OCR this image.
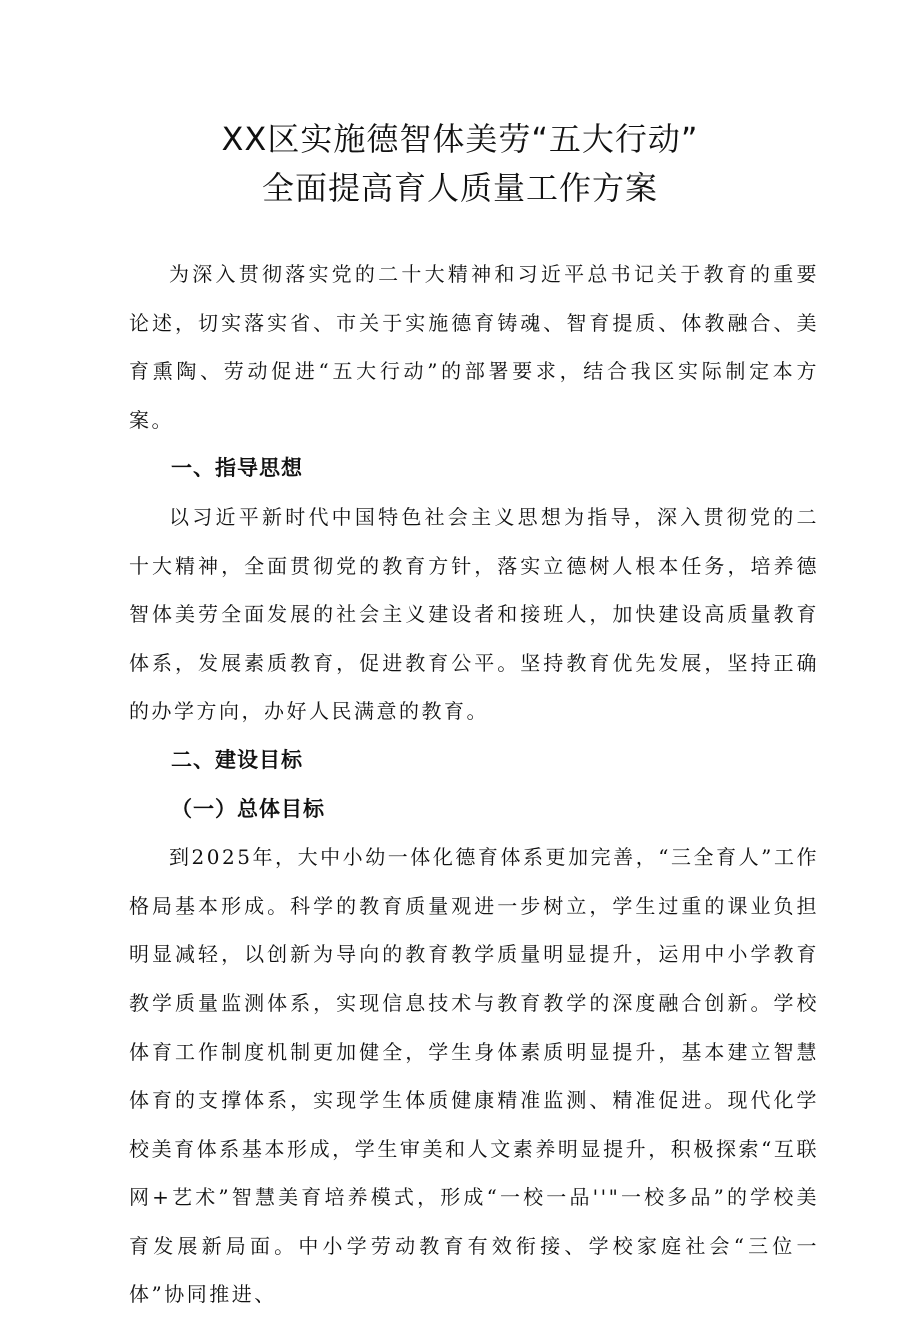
XX区实施德智体美劳“五大行动”
全面提高育人质量工作方案

为深入贯彻落实党的二十大精神和习近平总书记关于教育的重要论述，切实落实省、市关于实施德育铸魂、智育提质、体教融合、美育熏陶、劳动促进“五大行动”的部署要求，结合我区实际制定本方案。

一、指导思想

以习近平新时代中国特色社会主义思想为指导，深入贯彻党的二十大精神，全面贯彻党的教育方针，落实立德树人根本任务，培养德智体美劳全面发展的社会主义建设者和接班人，加快建设高质量教育体系，发展素质教育，促进教育公平。坚持教育优先发展，坚持正确的办学方向，办好人民满意的教育。

二、建设目标

（一）总体目标

到2025年，大中小幼一体化德育体系更加完善，“三全育人”工作格局基本形成。科学的教育质量观进一步树立，学生过重的课业负担明显减轻，以创新为导向的教育教学质量明显提升，运用中小学教育教学质量监测体系，实现信息技术与教育教学的深度融合创新。学校体育工作制度机制更加健全，学生身体素质明显提升，基本建立智慧体育的支撑体系，实现学生体质健康精准监测、精准促进。现代化学校美育体系基本形成，学生审美和人文素养明显提升，积极探索“互联网+艺术”智慧美育培养模式，形成“一校一品''"一校多品”的学校美育发展新局面。中小学劳动教育有效衔接、学校家庭社会“三位一体”协同推进、
